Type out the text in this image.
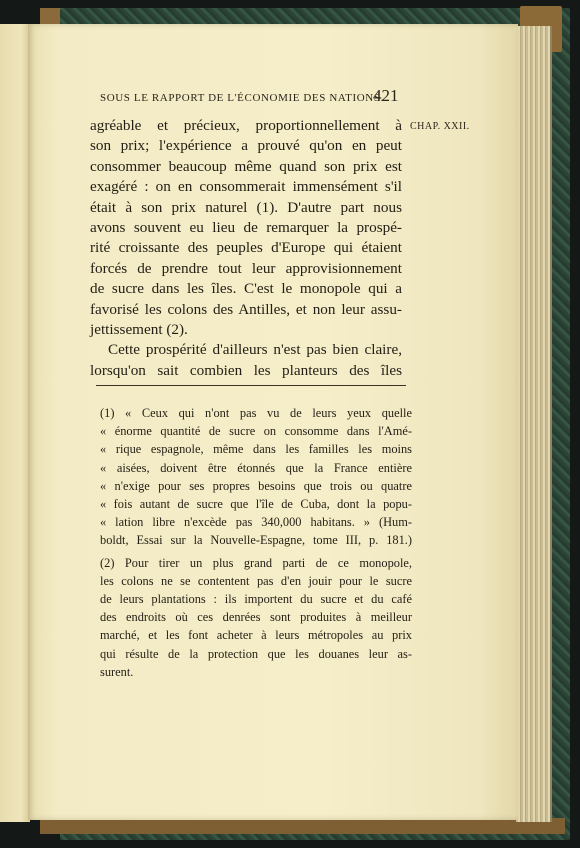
SOUS LE RAPPORT DE L'ÉCONOMIE DES NATIONS.
421
CHAP. XXII.
agréable et précieux, proportionnellement à
son prix; l'expérience a prouvé qu'on en peut
consommer beaucoup même quand son prix est
exagéré : on en consommerait immensément s'il
était à son prix naturel (1). D'autre part nous
avons souvent eu lieu de remarquer la prospé-
rité croissante des peuples d'Europe qui étaient
forcés de prendre tout leur approvisionnement
de sucre dans les îles. C'est le monopole qui a
favorisé les colons des Antilles, et non leur assu-
jettissement (2).
Cette prospérité d'ailleurs n'est pas bien claire,
lorsqu'on sait combien les planteurs des îles
(1) « Ceux qui n'ont pas vu de leurs yeux quelle
« énorme quantité de sucre on consomme dans l'Amé-
« rique espagnole, même dans les familles les moins
« aisées, doivent être étonnés que la France entière
« n'exige pour ses propres besoins que trois ou quatre
« fois autant de sucre que l'île de Cuba, dont la popu-
« lation libre n'excède pas 340,000 habitans. » (Hum-
boldt, Essai sur la Nouvelle-Espagne, tome III, p. 181.)
(2) Pour tirer un plus grand parti de ce monopole,
les colons ne se contentent pas d'en jouir pour le sucre
de leurs plantations : ils importent du sucre et du café
des endroits où ces denrées sont produites à meilleur
marché, et les font acheter à leurs métropoles au prix
qui résulte de la protection que les douanes leur as-
surent.
